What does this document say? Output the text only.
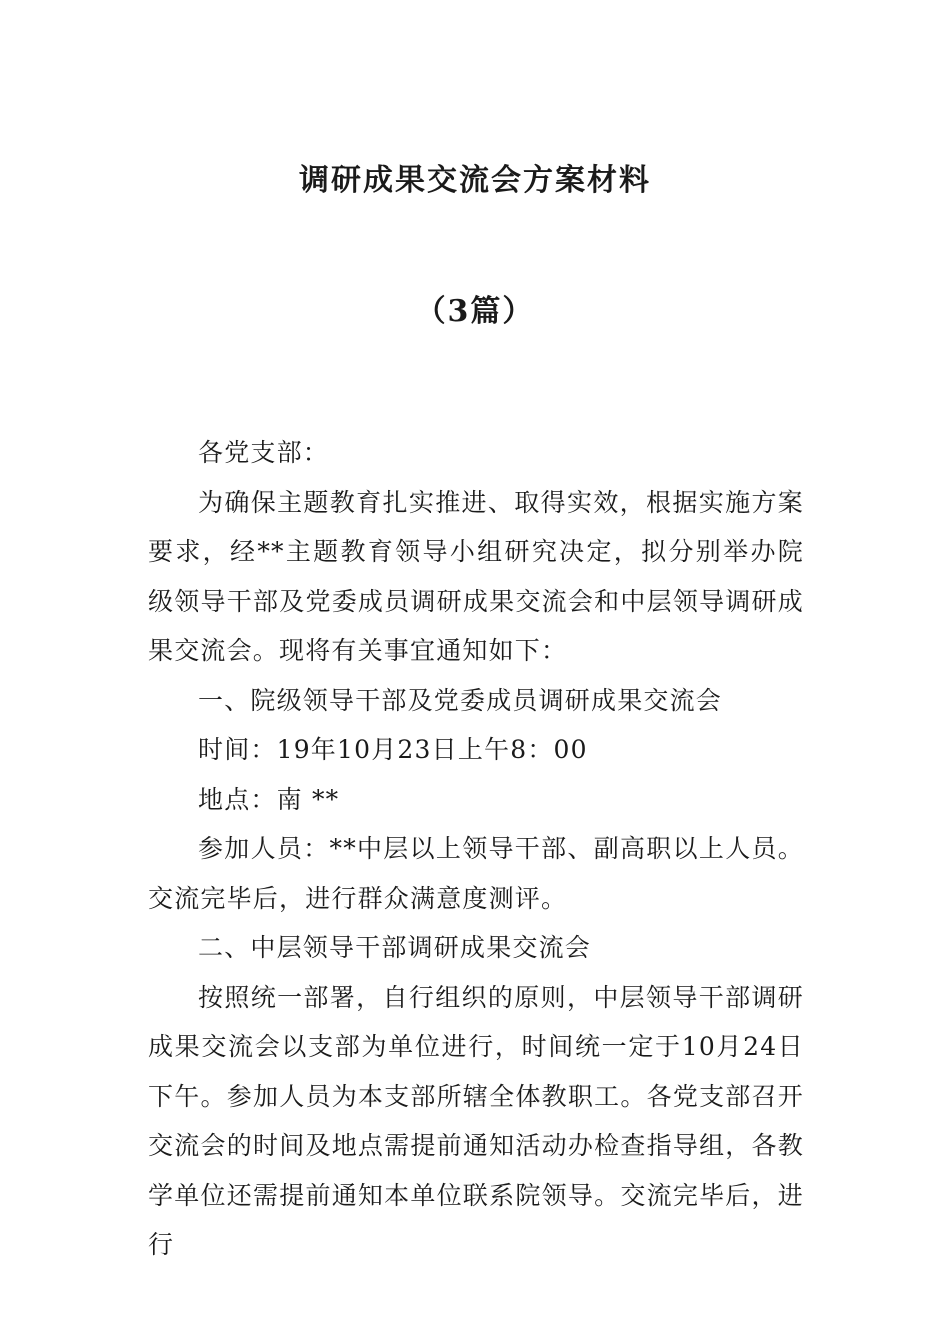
调研成果交流会方案材料
（3篇）

各党支部：

为确保主题教育扎实推进、取得实效，根据实施方案要求，经**主题教育领导小组研究决定，拟分别举办院级领导干部及党委成员调研成果交流会和中层领导调研成果交流会。现将有关事宜通知如下：

一、院级领导干部及党委成员调研成果交流会

时间：19年10月23日上午8：00

地点：南 **

参加人员：**中层以上领导干部、副高职以上人员。交流完毕后，进行群众满意度测评。

二、中层领导干部调研成果交流会

按照统一部署，自行组织的原则，中层领导干部调研成果交流会以支部为单位进行，时间统一定于10月24日下午。参加人员为本支部所辖全体教职工。各党支部召开交流会的时间及地点需提前通知活动办检查指导组，各教学单位还需提前通知本单位联系院领导。交流完毕后，进行
